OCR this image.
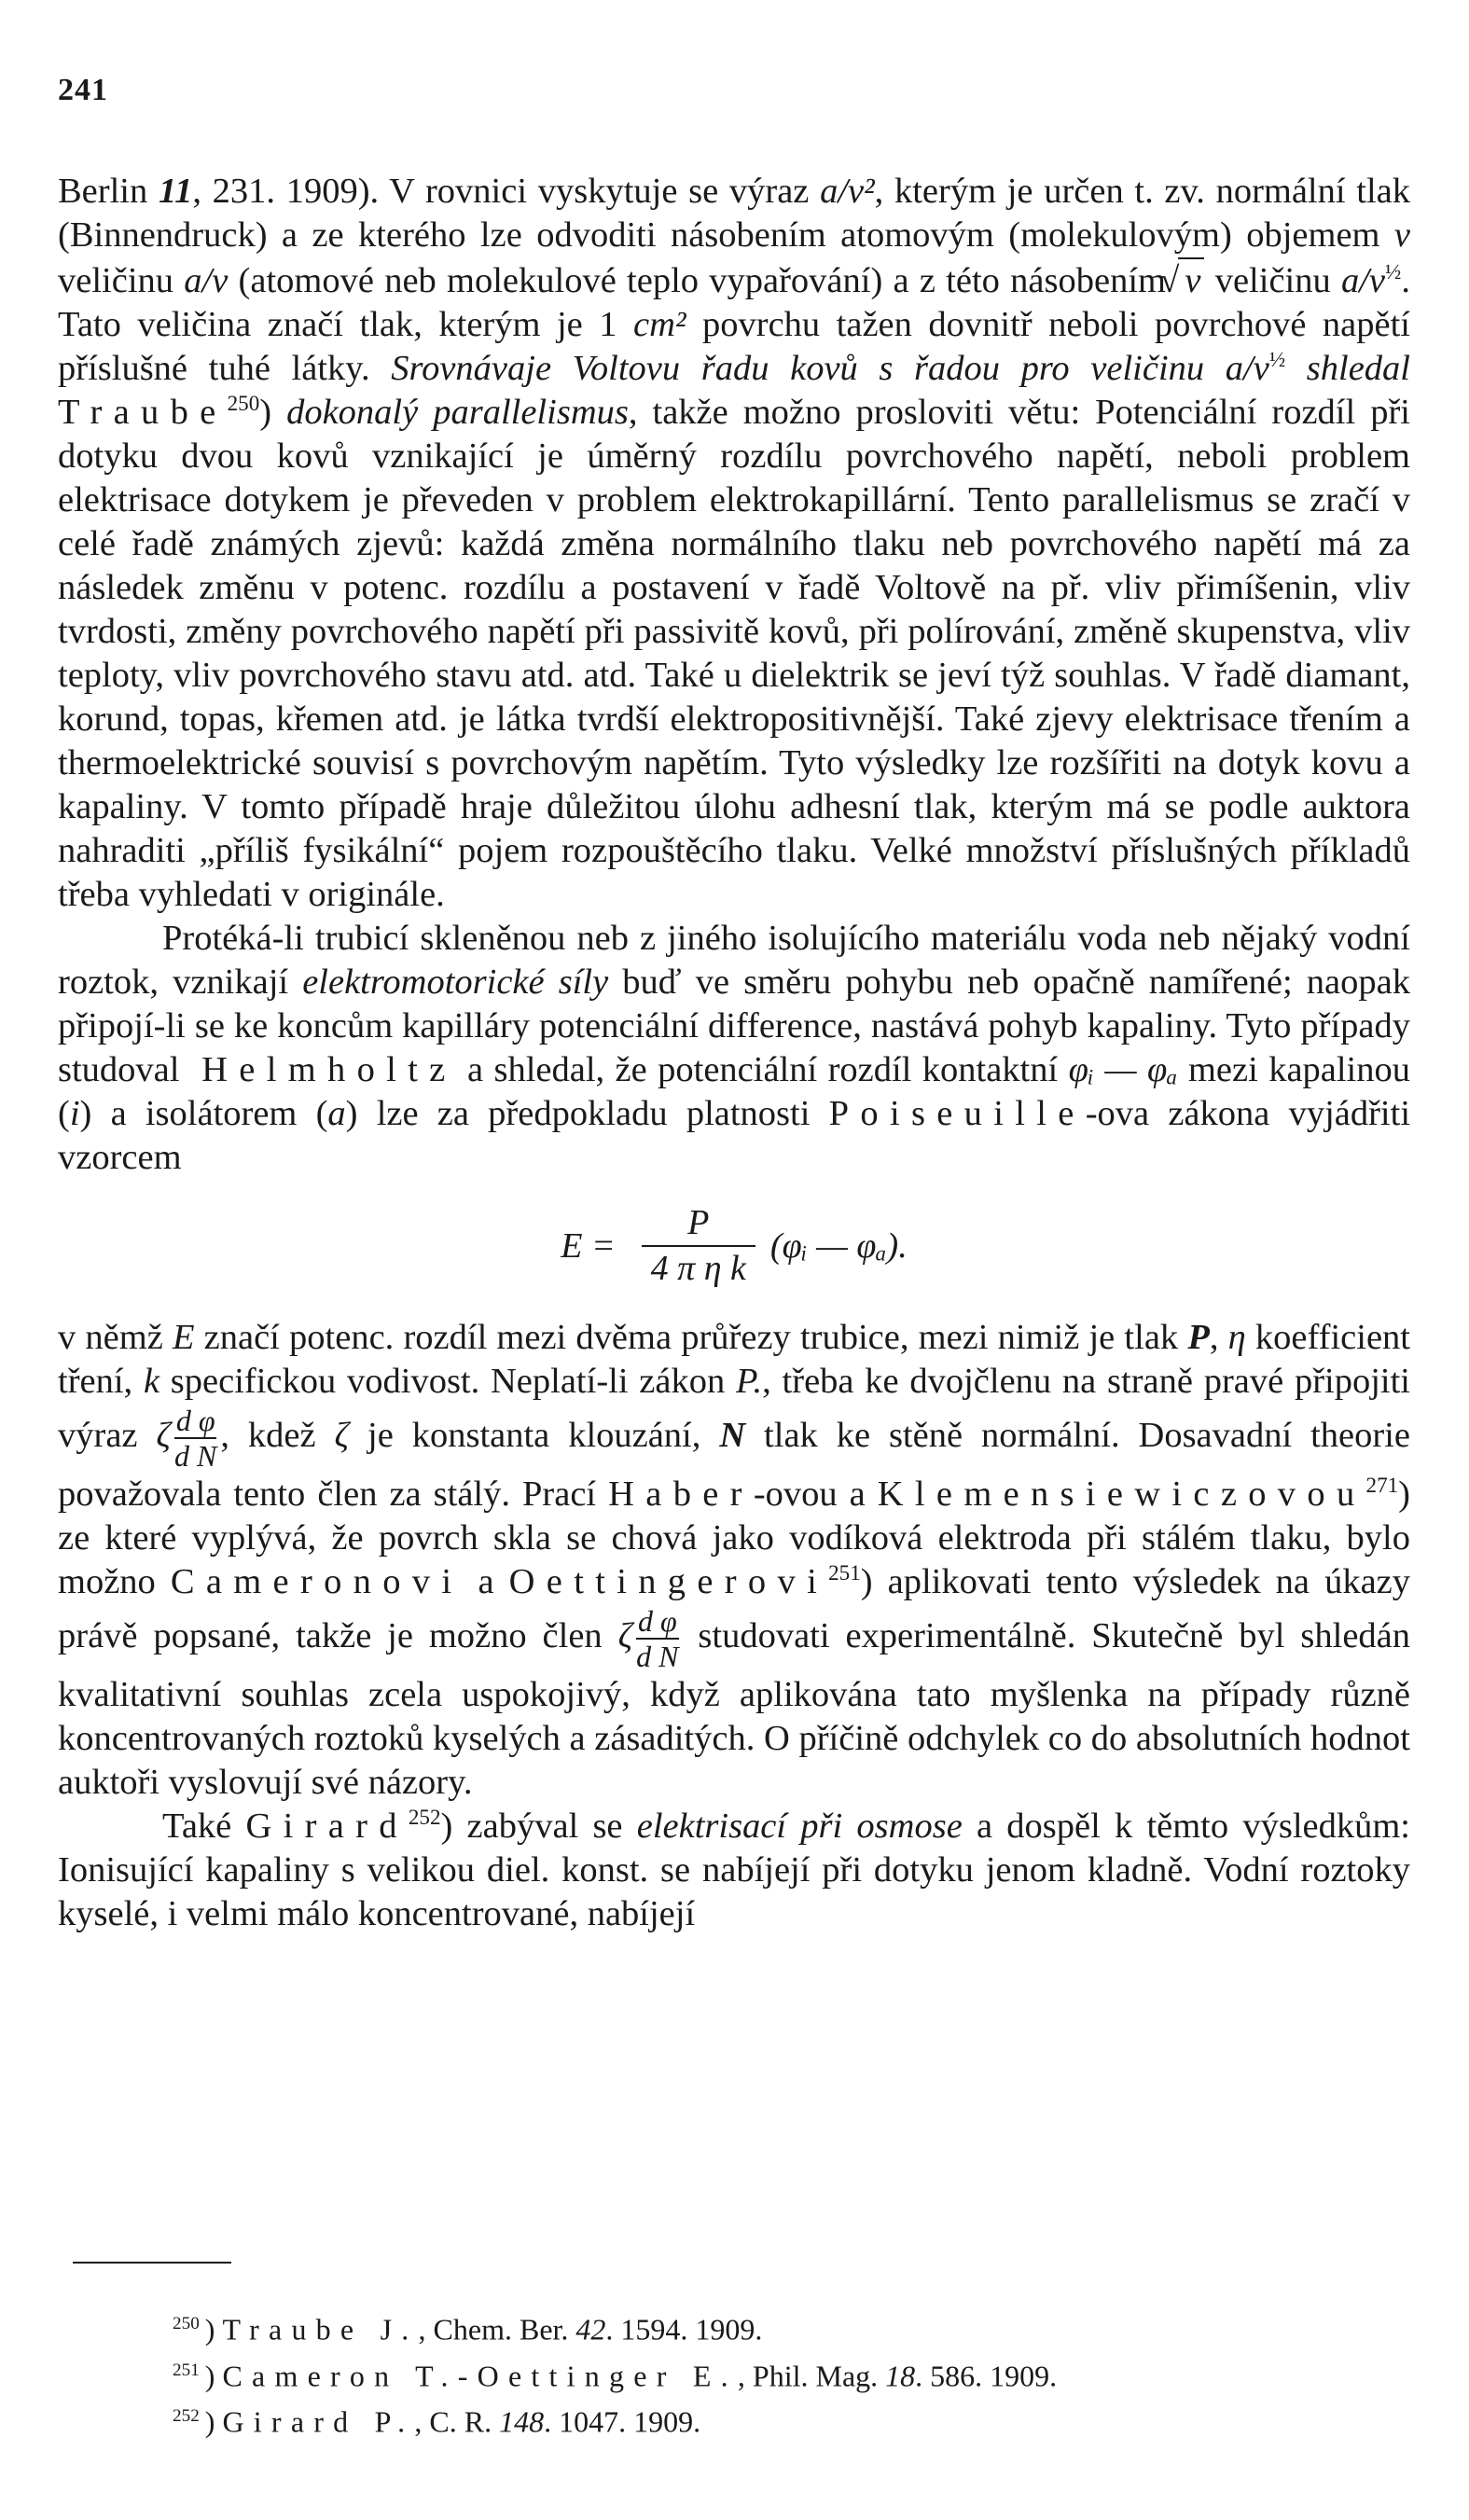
241

Berlin 11, 231. 1909). V rovnici vyskytuje se výraz a/v², kterým je určen t. zv. normální tlak (Binnendruck) a ze kterého lze odvoditi násobením atomovým (molekulovým) objemem v veličinu a/v (atomové neb molekulové teplo vypařování) a z této násobením √ v veličinu $a/v^{\frac{1}{2}}$. Tato veličina značí tlak, kterým je 1 cm² povrchu tažen dovnitř neboli povrchové napětí příslušné tuhé látky. Srovnávaje Voltovu řadu kovů s řadou pro veličinu $a/v^{\frac{1}{2}}$ shledal Traube$^{250}$) dokonalý parallelismus, takže možno prosloviti větu: Potenciální rozdíl při dotyku dvou kovů vznikající je úměrný rozdílu povrchového napětí, neboli problem elektrisace dotykem je převeden v problem elektrokapillární. Tento parallelismus se zračí v celé řadě známých zjevů: každá změna normálního tlaku neb povrchového napětí má za následek změnu v potenc. rozdílu a postavení v řadě Voltově na př. vliv přimíšenin, vliv tvrdosti, změny povrchového napětí při passivitě kovů, při polírování, změně skupenstva, vliv teploty, vliv povrchového stavu atd. atd. Také u dielektrik se jeví týž souhlas. V řadě diamant, korund, topas, křemen atd. je látka tvrdší elektropositivnější. Také zjevy elektrisace třením a thermoelektrické souvisí s povrchovým napětím. Tyto výsledky lze rozšířiti na dotyk kovu a kapaliny. V tomto případě hraje důležitou úlohu adhesní tlak, kterým má se podle auktora nahraditi „příliš fysikální“ pojem rozpouštěcího tlaku. Velké množství příslušných příkladů třeba vyhledati v originále.

Protéká-li trubicí skleněnou neb z jiného isolujícího materiálu voda neb nějaký vodní roztok, vznikají elektromotorické síly buď ve směru pohybu neb opačně namířené; naopak připojí-li se ke koncům kapilláry potenciální difference, nastává pohyb kapaliny. Tyto případy studoval Helmholtz a shledal, že potenciální rozdíl kontaktní φᵢ — φₐ mezi kapalinou (i) a isolátorem (a) lze za předpokladu platnosti Poiseuille-ova zákona vyjádřiti vzorcem

$E = \frac{P}{\text{4 π η k}}$ (φᵢ — φₐ).

v němž E značí potenc. rozdíl mezi dvěma průřezy trubice, mezi nimiž je tlak P, η koefficient tření, k specifickou vodivost. Neplatí-li zákon P., třeba ke dvojčlenu na straně pravé připojiti výraz ζ $\frac{\text{d φ}}{\text{d N}}$ , kdež ζ je konstanta klouzání, N tlak ke stěně normální. Dosavadní theorie považovala tento člen za stálý. Prací Haber-ovou a Klemensiewiczovou$^{271}$) ze které vyplývá, že povrch skla se chová jako vodíková elektroda při stálém tlaku, bylo možno Cameronovi a Oettingerovi$^{251}$) aplikovati tento výsledek na úkazy právě popsané, takže je možno člen ζ $\frac{\text{d φ}}{\text{d N}}$ studovati experimentálně. Skutečně byl shledán kvalitativní souhlas zcela uspokojivý, když aplikována tato myšlenka na případy různě koncentrovaných roztoků kyselých a zásaditých. O příčině odchylek co do absolutních hodnot auktoři vyslovují své názory.

Také Girard$^{252}$) zabýval se elektrisací při osmose a dospěl k těmto výsledkům: Ionisující kapaliny s velikou diel. konst. se nabíjejí při dotyku jenom kladně. Vodní roztoky kyselé, i velmi málo koncentrované, nabíjejí

$^{250}$ ) Traube J., Chem. Ber. 42. 1594. 1909.
$^{251}$ ) Cameron T.-Oettinger E., Phil. Mag. 18. 586. 1909.
$^{252}$ ) Girard P., C. R. 148. 1047. 1909.
